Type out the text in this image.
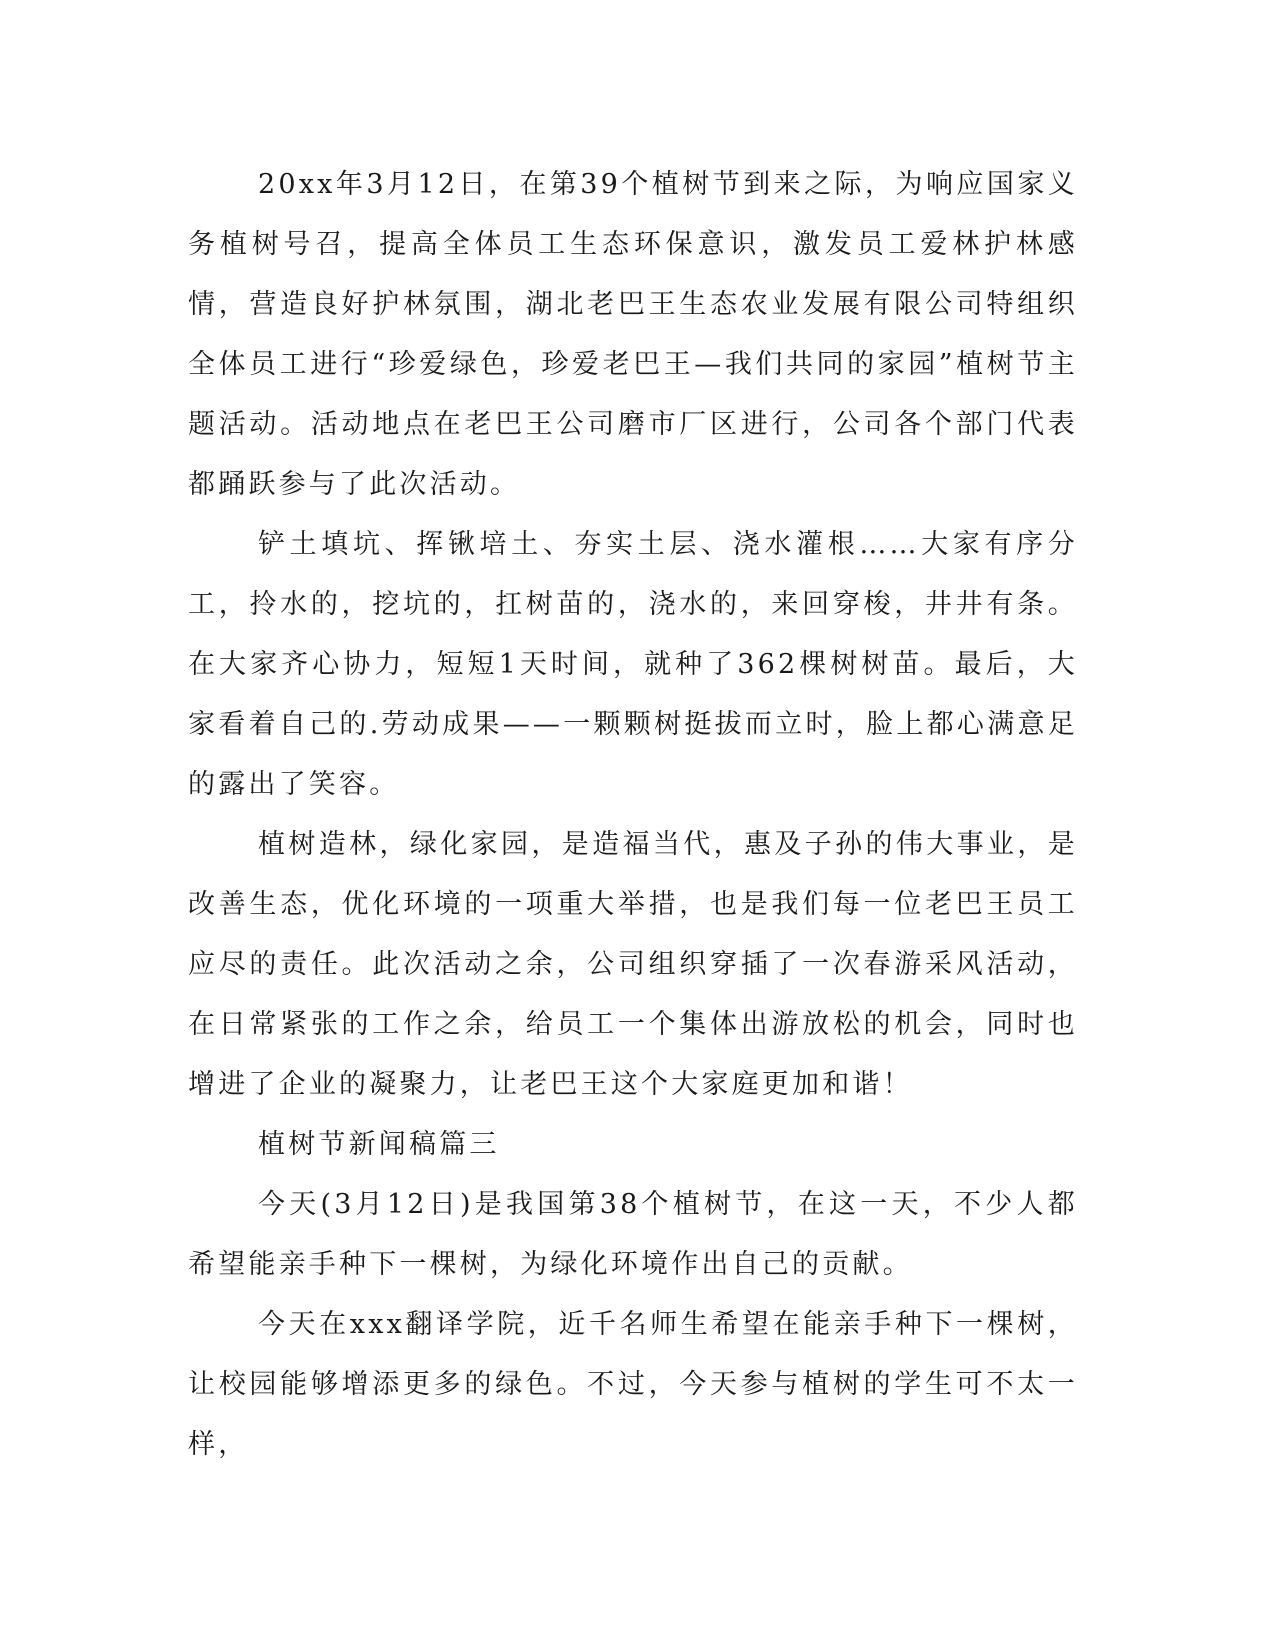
20xx年3月12日，在第39个植树节到来之际，为响应国家义务植树号召，提高全体员工生态环保意识，激发员工爱林护林感情，营造良好护林氛围，湖北老巴王生态农业发展有限公司特组织全体员工进行“珍爱绿色，珍爱老巴王—我们共同的家园”植树节主题活动。活动地点在老巴王公司磨市厂区进行，公司各个部门代表都踊跃参与了此次活动。

铲土填坑、挥锹培土、夯实土层、浇水灌根……大家有序分工，拎水的，挖坑的，扛树苗的，浇水的，来回穿梭，井井有条。在大家齐心协力，短短1天时间，就种了362棵树树苗。最后，大家看着自己的.劳动成果——一颗颗树挺拔而立时，脸上都心满意足的露出了笑容。

植树造林，绿化家园，是造福当代，惠及子孙的伟大事业，是改善生态，优化环境的一项重大举措，也是我们每一位老巴王员工应尽的责任。此次活动之余，公司组织穿插了一次春游采风活动，在日常紧张的工作之余，给员工一个集体出游放松的机会，同时也增进了企业的凝聚力，让老巴王这个大家庭更加和谐！

植树节新闻稿篇三

今天(3月12日)是我国第38个植树节，在这一天，不少人都希望能亲手种下一棵树，为绿化环境作出自己的贡献。

今天在xxx翻译学院，近千名师生希望在能亲手种下一棵树，让校园能够增添更多的绿色。不过，今天参与植树的学生可不太一样，
